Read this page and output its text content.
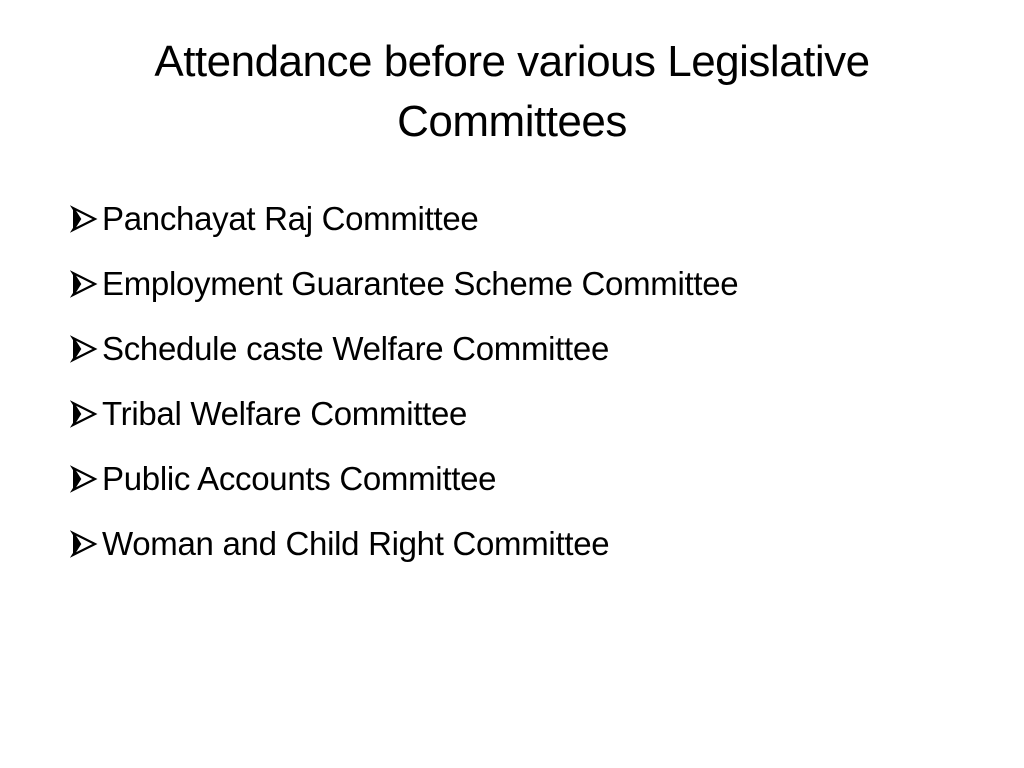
Attendance before various Legislative Committees
Panchayat Raj Committee
Employment Guarantee Scheme Committee
Schedule caste Welfare Committee
Tribal Welfare Committee
Public Accounts Committee
Woman and Child Right Committee
